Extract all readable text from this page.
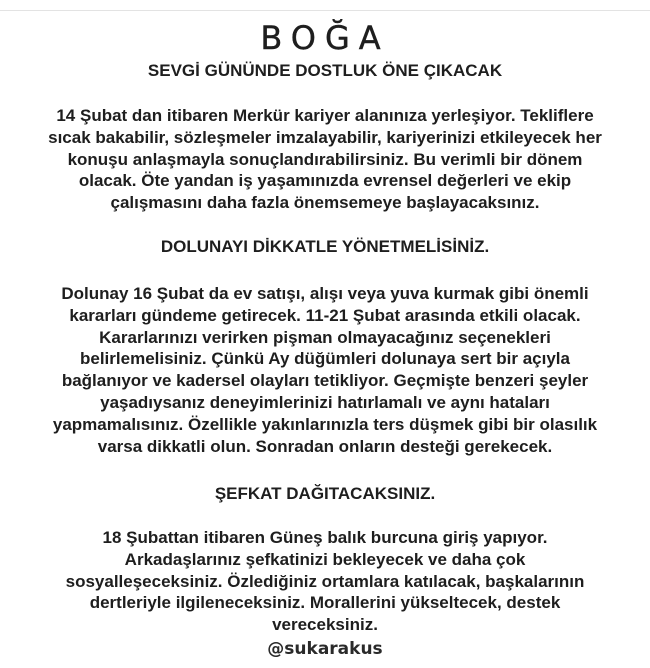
BOĞA
SEVGİ GÜNÜNDE DOSTLUK ÖNE ÇIKACAK
14 Şubat dan itibaren Merkür kariyer alanınıza yerleşiyor. Tekliflere
sıcak bakabilir, sözleşmeler imzalayabilir, kariyerinizi etkileyecek her
konuşu anlaşmayla sonuçlandırabilirsiniz. Bu verimli bir dönem
olacak. Öte yandan iş yaşamınızda evrensel değerleri ve ekip
çalışmasını daha fazla önemsemeye başlayacaksınız.
DOLUNAYI DİKKATLE YÖNETMELİSİNİZ.
Dolunay 16 Şubat da ev satışı, alışı veya yuva kurmak gibi önemli
kararları gündeme getirecek. 11-21 Şubat arasında etkili olacak.
Kararlarınızı verirken pişman olmayacağınız seçenekleri
belirlemelisiniz. Çünkü Ay düğümleri dolunaya sert bir açıyla
bağlanıyor ve kadersel olayları tetikliyor. Geçmişte benzeri şeyler
yaşadıysanız deneyimlerinizi hatırlamalı ve aynı hataları
yapmamalısınız. Özellikle yakınlarınızla ters düşmek gibi bir olasılık
varsa dikkatli olun. Sonradan onların desteği gerekecek.
ŞEFKAT DAĞITACAKSINIZ.
18 Şubattan itibaren Güneş balık burcuna giriş yapıyor.
Arkadaşlarınız şefkatinizi bekleyecek ve daha çok
sosyalleşeceksiniz. Özlediğiniz ortamlara katılacak, başkalarının
dertleriyle ilgileneceksiniz. Morallerini yükseltecek, destek
vereceksiniz.
@sukarakus
